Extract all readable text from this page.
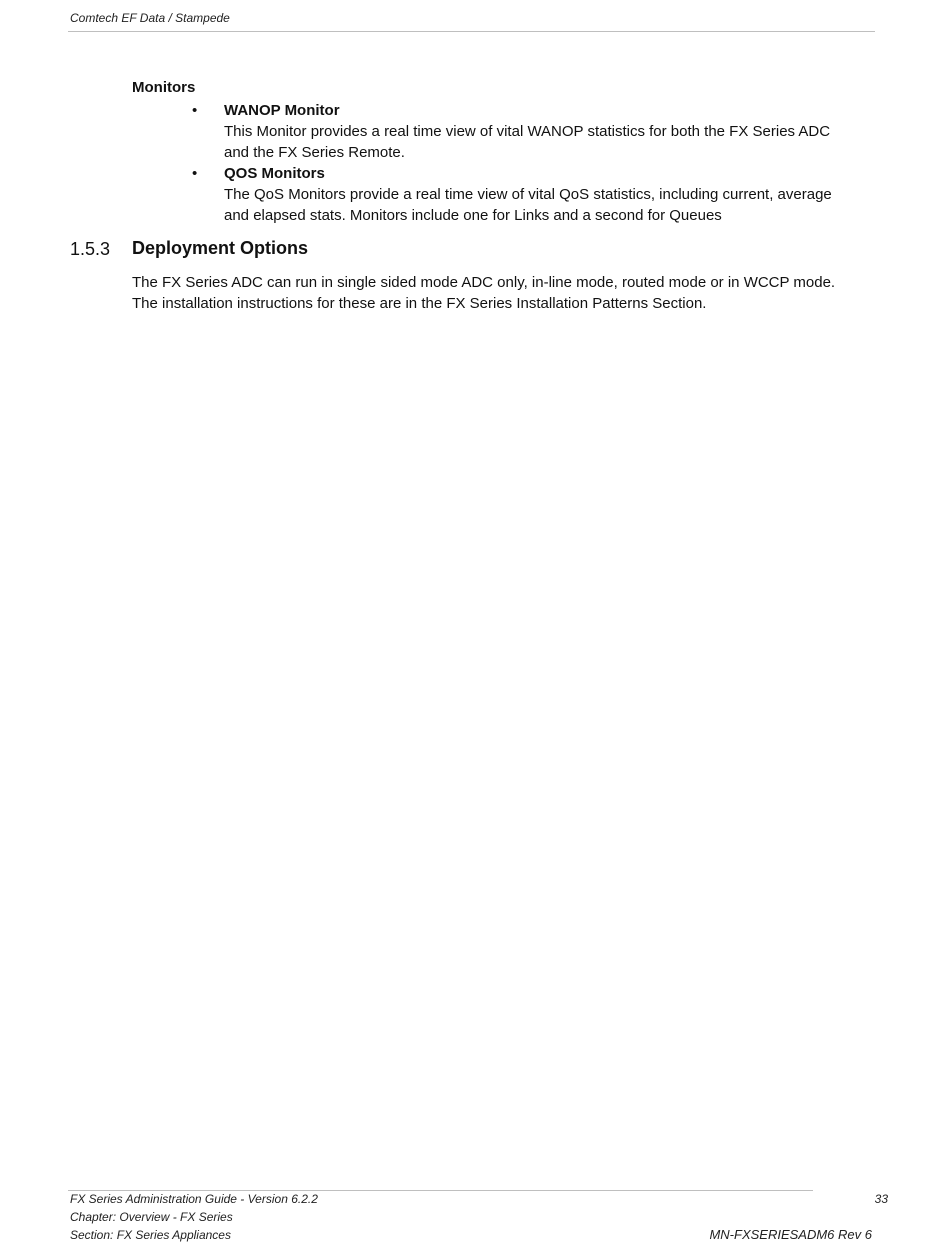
Comtech EF Data / Stampede
Monitors
• WANOP Monitor
This Monitor provides a real time view of vital WANOP statistics for both the FX Series ADC
and the FX Series Remote.
• QOS Monitors
The QoS Monitors provide a real time view of vital QoS statistics, including current, average
and elapsed stats. Monitors include one for Links and a second for Queues
1.5.3 Deployment Options
The FX Series ADC can run in single sided mode ADC only, in-line mode, routed mode or in WCCP mode.
The installation instructions for these are in the FX Series Installation Patterns Section.
FX Series Administration Guide - Version 6.2.2
Chapter: Overview - FX Series
Section: FX Series Appliances
33
MN-FXSERIESADM6 Rev 6
